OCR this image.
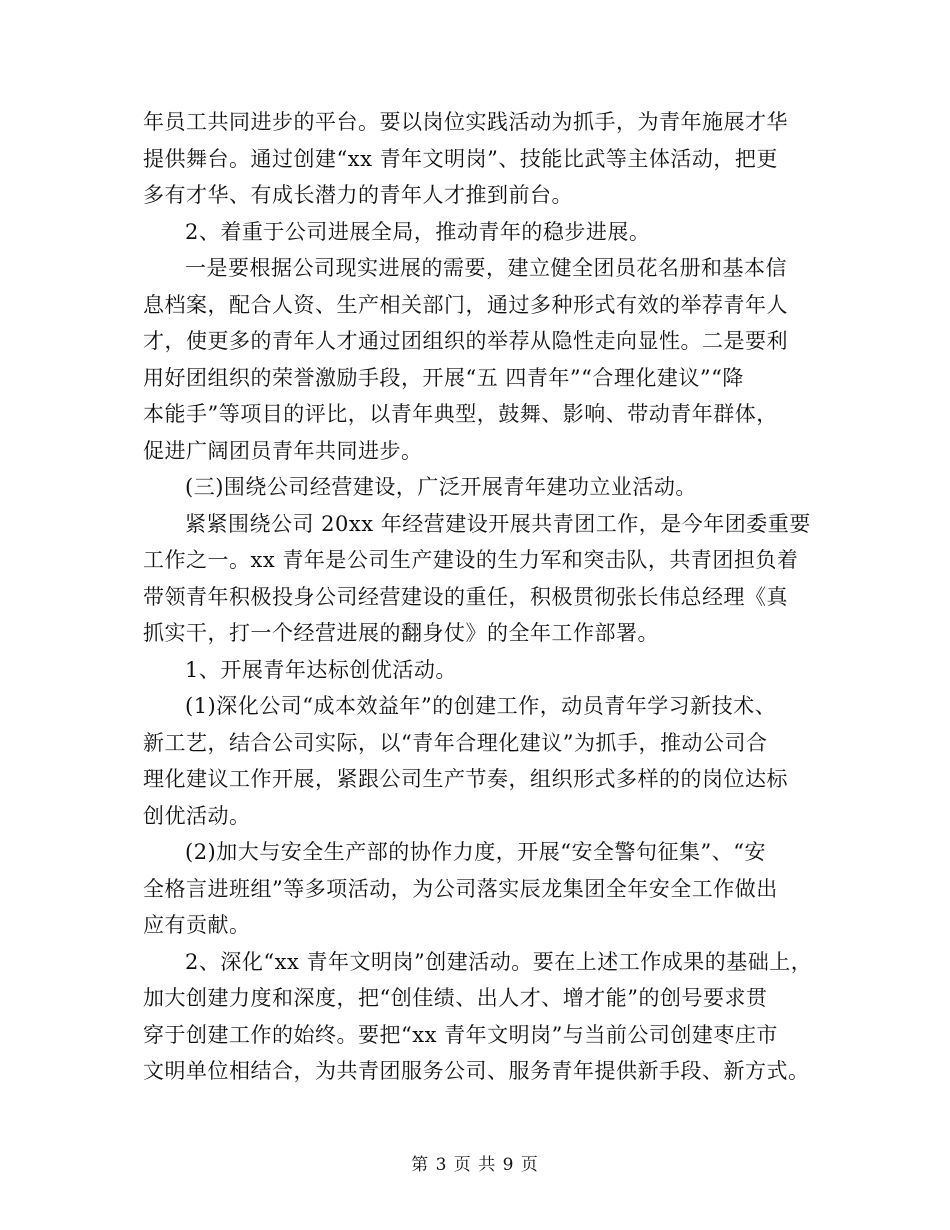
年员工共同进步的平台。要以岗位实践活动为抓手，为青年施展才华
提供舞台。通过创建“xx 青年文明岗”、技能比武等主体活动，把更
多有才华、有成长潜力的青年人才推到前台。
2、着重于公司进展全局，推动青年的稳步进展。
一是要根据公司现实进展的需要，建立健全团员花名册和基本信
息档案，配合人资、生产相关部门，通过多种形式有效的举荐青年人
才，使更多的青年人才通过团组织的举荐从隐性走向显性。二是要利
用好团组织的荣誉激励手段，开展“五 四青年”“合理化建议”“降
本能手”等项目的评比，以青年典型，鼓舞、影响、带动青年群体，
促进广阔团员青年共同进步。
(三)围绕公司经营建设，广泛开展青年建功立业活动。
紧紧围绕公司 20xx 年经营建设开展共青团工作，是今年团委重要
工作之一。xx 青年是公司生产建设的生力军和突击队，共青团担负着
带领青年积极投身公司经营建设的重任，积极贯彻张长伟总经理《真
抓实干，打一个经营进展的翻身仗》的全年工作部署。
1、开展青年达标创优活动。
(1)深化公司“成本效益年”的创建工作，动员青年学习新技术、
新工艺，结合公司实际，以“青年合理化建议”为抓手，推动公司合
理化建议工作开展，紧跟公司生产节奏，组织形式多样的的岗位达标
创优活动。
(2)加大与安全生产部的协作力度，开展“安全警句征集”、“安
全格言进班组”等多项活动，为公司落实辰龙集团全年安全工作做出
应有贡献。
2、深化“xx 青年文明岗”创建活动。要在上述工作成果的基础上，
加大创建力度和深度，把“创佳绩、出人才、增才能”的创号要求贯
穿于创建工作的始终。要把“xx 青年文明岗”与当前公司创建枣庄市
文明单位相结合，为共青团服务公司、服务青年提供新手段、新方式。
第 3 页 共 9 页
